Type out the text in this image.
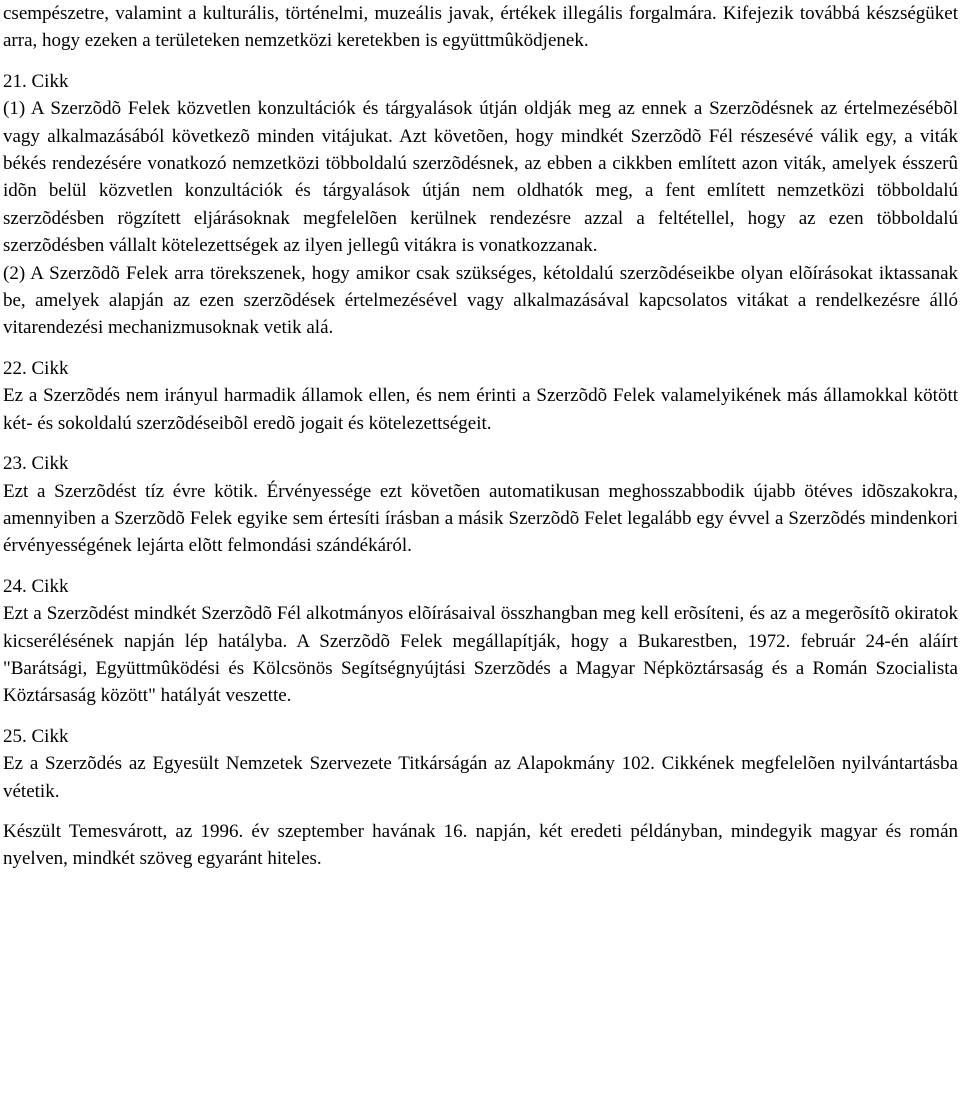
csempészetre, valamint a kulturális, történelmi, muzeális javak, értékek illegális forgalmára. Kifejezik továbbá készségüket arra, hogy ezeken a területeken nemzetközi keretekben is együttmûködjenek.

21. Cikk

(1) A Szerzõdõ Felek közvetlen konzultációk és tárgyalások útján oldják meg az ennek a Szerzõdésnek az értelmezésébõl vagy alkalmazásából következõ minden vitájukat. Azt követõen, hogy mindkét Szerzõdõ Fél részesévé válik egy, a viták békés rendezésére vonatkozó nemzetközi többoldalú szerzõdésnek, az ebben a cikkben említett azon viták, amelyek ésszerû idõn belül közvetlen konzultációk és tárgyalások útján nem oldhatók meg, a fent említett nemzetközi többoldalú szerzõdésben rögzített eljárásoknak megfelelõen kerülnek rendezésre azzal a feltétellel, hogy az ezen többoldalú szerzõdésben vállalt kötelezettségek az ilyen jellegû vitákra is vonatkozzanak.

(2) A Szerzõdõ Felek arra törekszenek, hogy amikor csak szükséges, kétoldalú szerzõdéseikbe olyan elõírásokat iktassanak be, amelyek alapján az ezen szerzõdések értelmezésével vagy alkalmazásával kapcsolatos vitákat a rendelkezésre álló vitarendezési mechanizmusoknak vetik alá.

22. Cikk

Ez a Szerzõdés nem irányul harmadik államok ellen, és nem érinti a Szerzõdõ Felek valamelyikének más államokkal kötött két- és sokoldalú szerzõdéseibõl eredõ jogait és kötelezettségeit.

23. Cikk

Ezt a Szerzõdést tíz évre kötik. Érvényessége ezt követõen automatikusan meghosszabbodik újabb ötéves idõszakokra, amennyiben a Szerzõdõ Felek egyike sem értesíti írásban a másik Szerzõdõ Felet legalább egy évvel a Szerzõdés mindenkori érvényességének lejárta elõtt felmondási szándékáról.

24. Cikk

Ezt a Szerzõdést mindkét Szerzõdõ Fél alkotmányos elõírásaival összhangban meg kell erõsíteni, és az a megerõsítõ okiratok kicserélésének napján lép hatályba. A Szerzõdõ Felek megállapítják, hogy a Bukarestben, 1972. február 24-én aláírt "Barátsági, Együttmûködési és Kölcsönös Segítségnyújtási Szerzõdés a Magyar Népköztársaság és a Román Szocialista Köztársaság között" hatályát veszette.

25. Cikk

Ez a Szerzõdés az Egyesült Nemzetek Szervezete Titkárságán az Alapokmány 102. Cikkének megfelelõen nyilvántartásba vétetik.

Készült Temesvárott, az 1996. év szeptember havának 16. napján, két eredeti példányban, mindegyik magyar és román nyelven, mindkét szöveg egyaránt hiteles.
